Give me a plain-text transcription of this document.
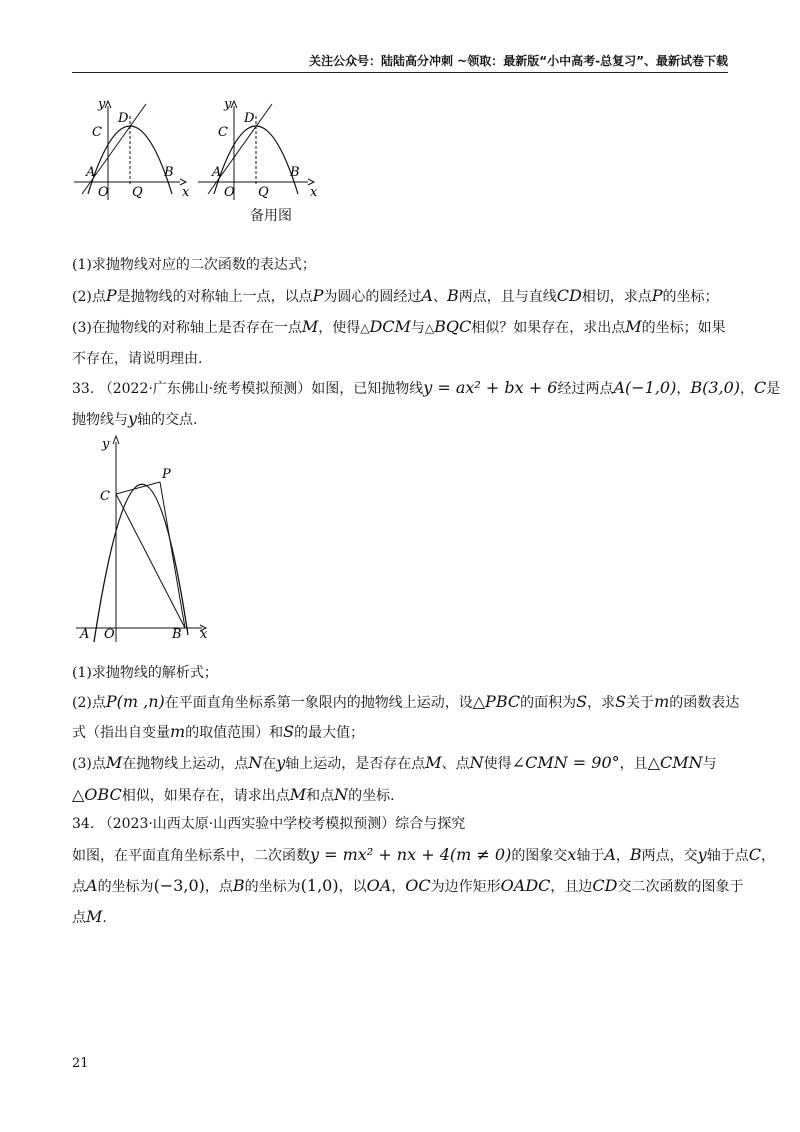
关注公众号：陆陆高分冲刺 ~领取：最新版“小中高考-总复习”、最新试卷下载
y
x
D
C
A
O Q
B
y
x
D
C
A
O Q
B
备用图
(1)求抛物线对应的二次函数的表达式；
(2)点P是抛物线的对称轴上一点，以点P为圆心的圆经过A、B两点，且与直线CD相切，求点P的坐标；
(3)在抛物线的对称轴上是否存在一点M，使得△DCM与△BQC相似？如果存在，求出点M的坐标；如果
不存在，请说明理由.
33. （2022·广东佛山·统考模拟预测）如图，已知抛物线y = ax² + bx + 6经过两点A(−1,0)，B(3,0)，C是
抛物线与y轴的交点.
y
x
P
C
A O	B
(1)求抛物线的解析式；
(2)点P(m ,n)在平面直角坐标系第一象限内的抛物线上运动，设△PBC的面积为S，求S关于m的函数表达
式（指出自变量m的取值范围）和S的最大值；
(3)点M在抛物线上运动，点N在y轴上运动，是否存在点M、点N使得∠CMN = 90°，且△CMN与
△OBC相似，如果存在，请求出点M和点N的坐标.
34. （2023·山西太原·山西实验中学校考模拟预测）综合与探究
如图，在平面直角坐标系中，二次函数y = mx² + nx + 4(m ≠ 0)的图象交x轴于A，B两点，交y轴于点C，
点A的坐标为(−3,0)，点B的坐标为(1,0)，以OA，OC为边作矩形OADC，且边CD交二次函数的图象于
点M.
21
